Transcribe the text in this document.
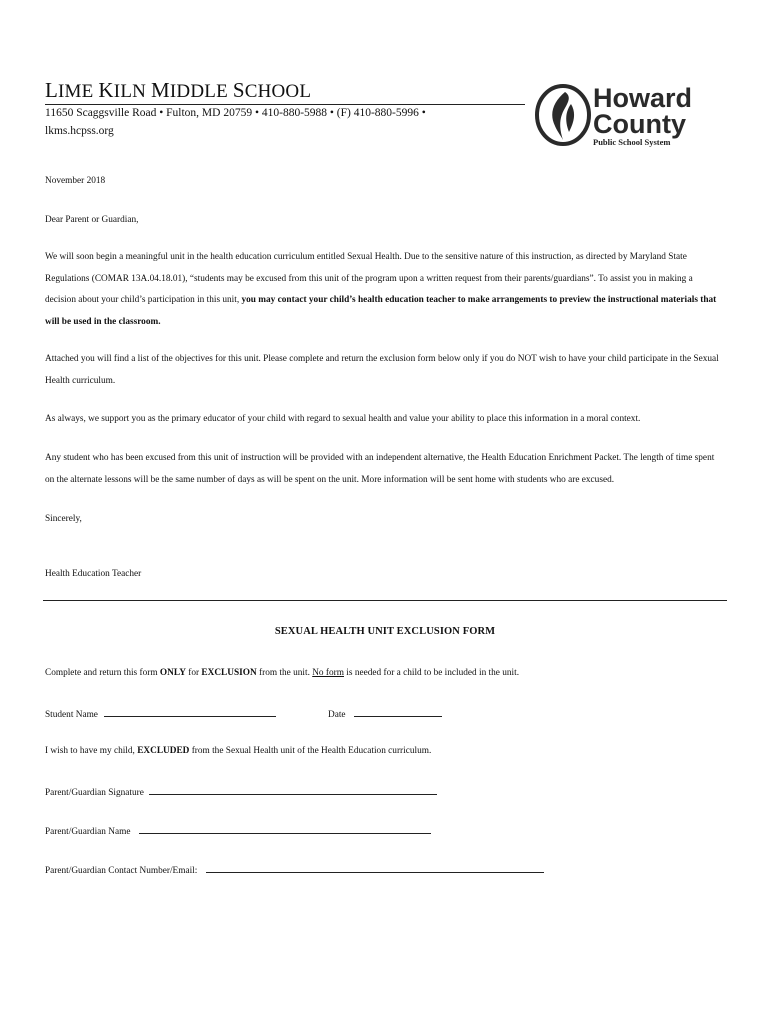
LIME KILN MIDDLE SCHOOL
11650 Scaggsville Road • Fulton, MD 20759 • 410-880-5988 • (F) 410-880-5996 •
lkms.hcpss.org
Howard
County
Public School System
November 2018
Dear Parent or Guardian,
We will soon begin a meaningful unit in the health education curriculum entitled Sexual Health. Due to the sensitive nature of this instruction, as directed by Maryland State Regulations (COMAR 13A.04.18.01), “students may be excused from this unit of the program upon a written request from their parents/guardians”. To assist you in making a decision about your child’s participation in this unit, you may contact your child’s health education teacher to make arrangements to preview the instructional materials that will be used in the classroom.
Attached you will find a list of the objectives for this unit. Please complete and return the exclusion form below only if you do NOT wish to have your child participate in the Sexual Health curriculum.
As always, we support you as the primary educator of your child with regard to sexual health and value your ability to place this information in a moral context.
Any student who has been excused from this unit of instruction will be provided with an independent alternative, the Health Education Enrichment Packet. The length of time spent on the alternate lessons will be the same number of days as will be spent on the unit. More information will be sent home with students who are excused.
Sincerely,
Health Education Teacher
SEXUAL HEALTH UNIT EXCLUSION FORM
Complete and return this form ONLY for EXCLUSION from the unit. No form is needed for a child to be included in the unit.
Student Name	Date
I wish to have my child, EXCLUDED from the Sexual Health unit of the Health Education curriculum.
Parent/Guardian Signature
Parent/Guardian Name
Parent/Guardian Contact Number/Email:
